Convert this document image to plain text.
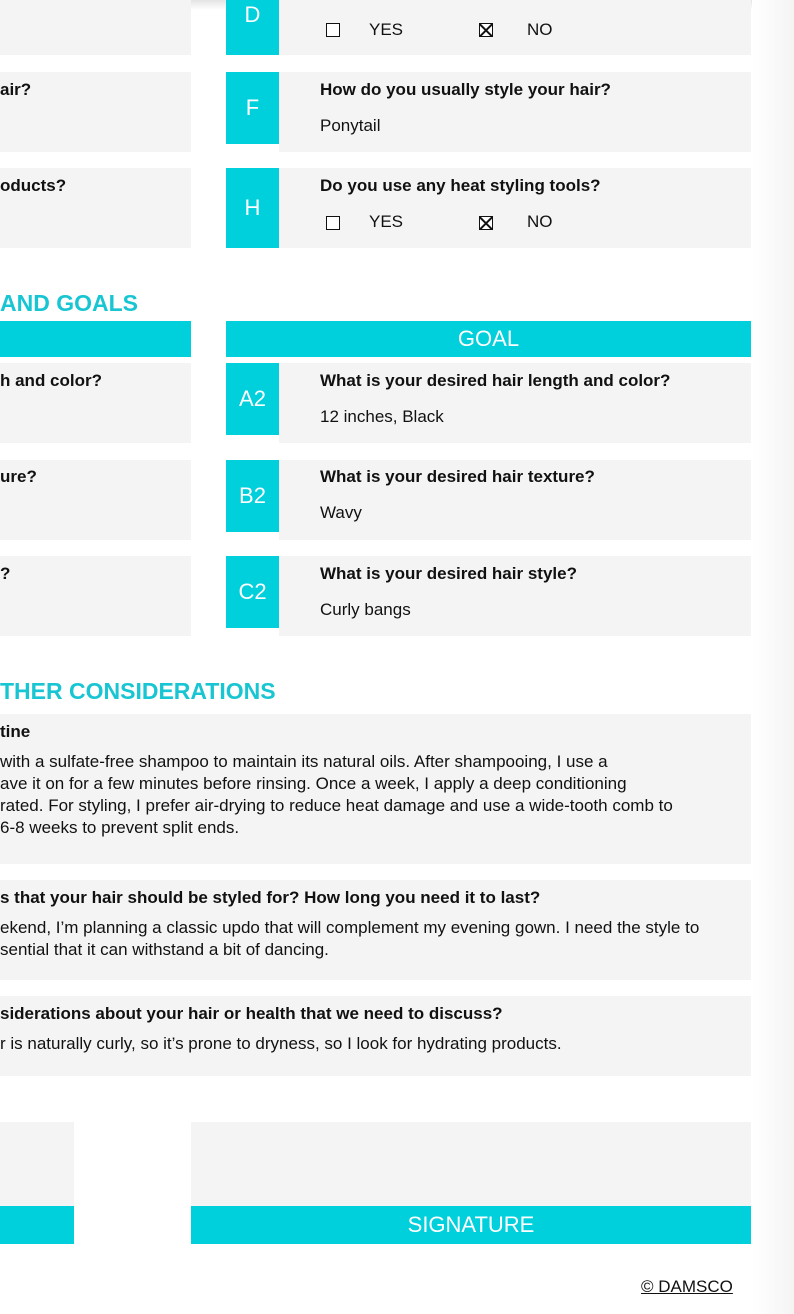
air?
oducts?
D
YES	NO
F
How do you usually style your hair?
Ponytail
H
Do you use any heat styling tools?
YES	NO
AND GOALS
GOAL
h and color?
ure?
?
A2
What is your desired hair length and color?
12 inches, Black
B2
What is your desired hair texture?
Wavy
C2
What is your desired hair style?
Curly bangs
THER CONSIDERATIONS
tine
with a sulfate-free shampoo to maintain its natural oils. After shampooing, I use a
ave it on for a few minutes before rinsing. Once a week, I apply a deep conditioning
rated. For styling, I prefer air-drying to reduce heat damage and use a wide-tooth comb to
6-8 weeks to prevent split ends.
s that your hair should be styled for? How long you need it to last?
ekend, I’m planning a classic updo that will complement my evening gown. I need the style to
sential that it can withstand a bit of dancing.
siderations about your hair or health that we need to discuss?
r is naturally curly, so it’s prone to dryness, so I look for hydrating products.
SIGNATURE
© DAMSCO
